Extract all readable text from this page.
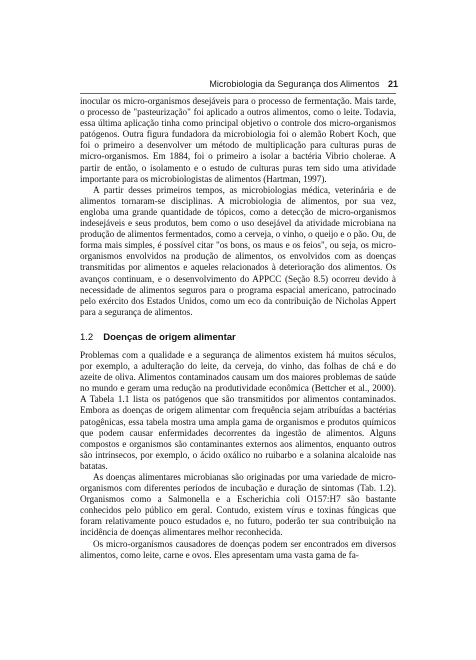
Microbiologia da Segurança dos Alimentos 21

inocular os micro-organismos desejáveis para o processo de fermentação. Mais tarde, o processo de "pasteurização" foi aplicado a outros alimentos, como o leite. Todavia, essa última aplicação tinha como principal objetivo o controle dos micro-organismos patógenos. Outra figura fundadora da microbiologia foi o alemão Robert Koch, que foi o primeiro a desenvolver um método de multiplicação para culturas puras de micro-organismos. Em 1884, foi o primeiro a isolar a bactéria Vibrio cholerae. A partir de então, o isolamento e o estudo de culturas puras tem sido uma atividade importante para os microbiologistas de alimentos (Hartman, 1997).

A partir desses primeiros tempos, as microbiologias médica, veterinária e de alimentos tornaram-se disciplinas. A microbiologia de alimentos, por sua vez, engloba uma grande quantidade de tópicos, como a detecção de micro-organismos indesejáveis e seus produtos, bem como o uso desejável da atividade microbiana na produção de alimentos fermentados, como a cerveja, o vinho, o queijo e o pão. Ou, de forma mais simples, é possível citar "os bons, os maus e os feios", ou seja, os micro-organismos envolvidos na produção de alimentos, os envolvidos com as doenças transmitidas por alimentos e aqueles relacionados à deterioração dos alimentos. Os avanços continuam, e o desenvolvimento do APPCC (Seção 8.5) ocorreu devido à necessidade de alimentos seguros para o programa espacial americano, patrocinado pelo exército dos Estados Unidos, como um eco da contribuição de Nicholas Appert para a segurança de alimentos.

1.2 Doenças de origem alimentar

Problemas com a qualidade e a segurança de alimentos existem há muitos séculos, por exemplo, a adulteração do leite, da cerveja, do vinho, das folhas de chá e do azeite de oliva. Alimentos contaminados causam um dos maiores problemas de saúde no mundo e geram uma redução na produtividade econômica (Bettcher et al., 2000). A Tabela 1.1 lista os patógenos que são transmitidos por alimentos contaminados. Embora as doenças de origem alimentar com frequência sejam atribuídas a bactérias patogênicas, essa tabela mostra uma ampla gama de organismos e produtos químicos que podem causar enfermidades decorrentes da ingestão de alimentos. Alguns compostos e organismos são contaminantes externos aos alimentos, enquanto outros são intrínsecos, por exemplo, o ácido oxálico no ruibarbo e a solanina alcaloide nas batatas.

As doenças alimentares microbianas são originadas por uma variedade de micro-organismos com diferentes períodos de incubação e duração de sintomas (Tab. 1.2). Organismos como a Salmonella e a Escherichia coli O157:H7 são bastante conhecidos pelo público em geral. Contudo, existem vírus e toxinas fúngicas que foram relativamente pouco estudados e, no futuro, poderão ter sua contribuição na incidência de doenças alimentares melhor reconhecida.

Os micro-organismos causadores de doenças podem ser encontrados em diversos alimentos, como leite, carne e ovos. Eles apresentam uma vasta gama de fa-
